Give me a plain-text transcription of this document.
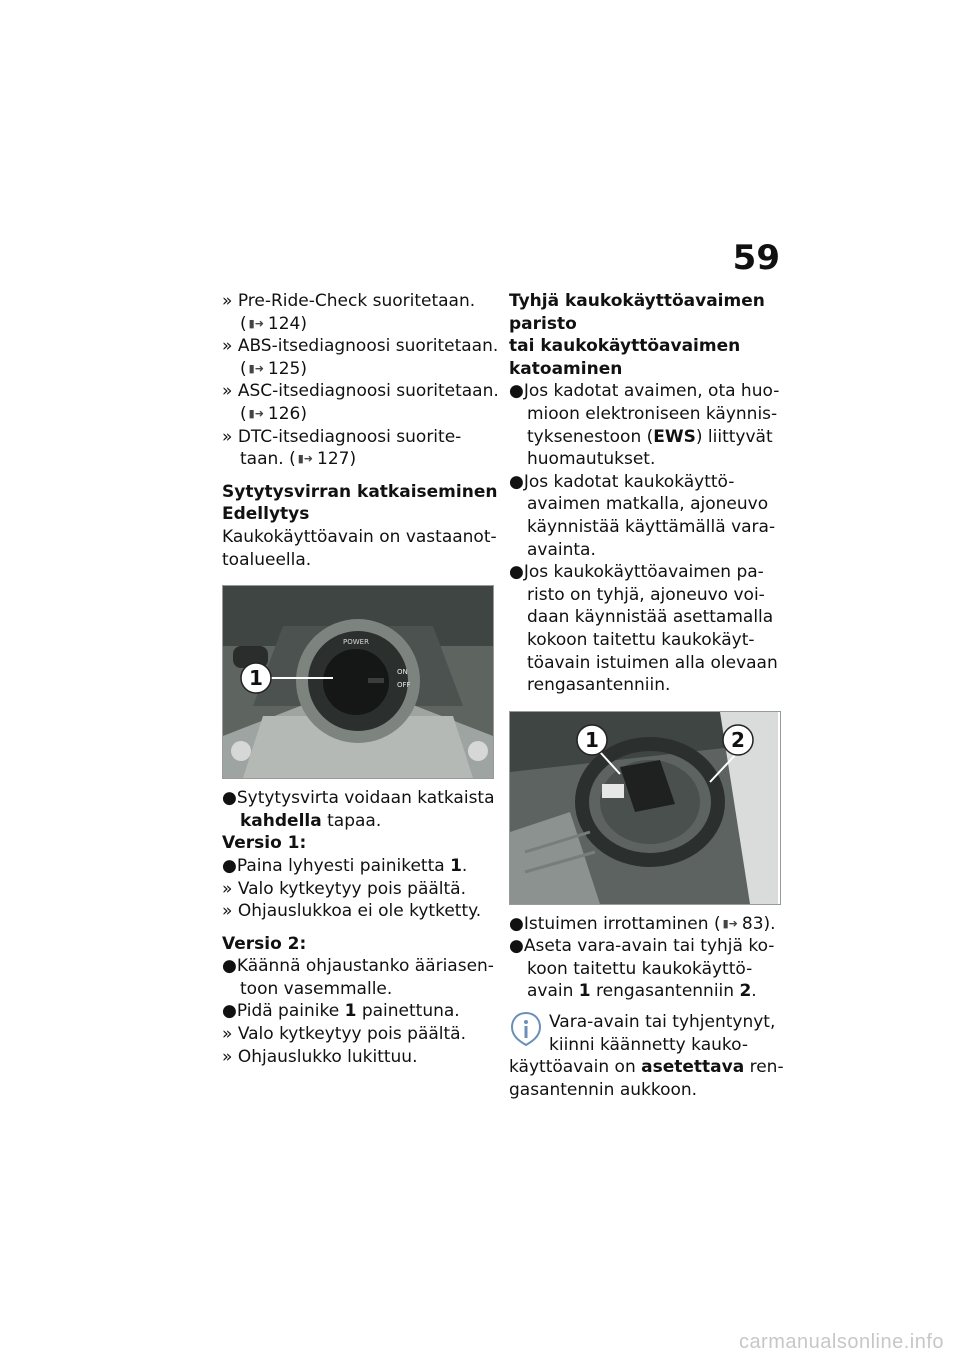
59
» Pre-Ride-Check suoritetaan.
( ▮➜ 124)
» ABS-itsediagnoosi suoritetaan.
( ▮➜ 125)
» ASC-itsediagnoosi suoritetaan.
( ▮➜ 126)
» DTC-itsediagnoosi suorite-
taan. ( ▮➜ 127)
Sytytysvirran katkaiseminen
Edellytys
Kaukokäyttöavain on vastaanot-
toalueella.
POWER
ON
OFF
1
●Sytytysvirta voidaan katkaista
kahdella tapaa.
Versio 1:
●Paina lyhyesti painiketta 1.
» Valo kytkeytyy pois päältä.
» Ohjauslukkoa ei ole kytketty.
Versio 2:
●Käännä ohjaustanko ääriasen-
toon vasemmalle.
●Pidä painike 1 painettuna.
» Valo kytkeytyy pois päältä.
» Ohjauslukko lukittuu.
Tyhjä kaukokäyttöavaimen
paristo
tai kaukokäyttöavaimen
katoaminen
●Jos kadotat avaimen, ota huo-
mioon elektroniseen käynnis-
tyksenestoon (EWS) liittyvät
huomautukset.
●Jos kadotat kaukokäyttö-
avaimen matkalla, ajoneuvo
käynnistää käyttämällä vara-
avainta.
●Jos kaukokäyttöavaimen pa-
risto on tyhjä, ajoneuvo voi-
daan käynnistää asettamalla
kokoon taitettu kaukokäyt-
töavain istuimen alla olevaan
rengasantenniin.
1	2
●Istuimen irrottaminen ( ▮➜ 83).
●Aseta vara-avain tai tyhjä ko-
koon taitettu kaukokäyttö-
avain 1 rengasantenniin 2.
Vara-avain tai tyhjentynyt,
kiinni käännetty kauko-
käyttöavain on asetettava ren-
gasantennin aukkoon.
carmanualsonline.info
